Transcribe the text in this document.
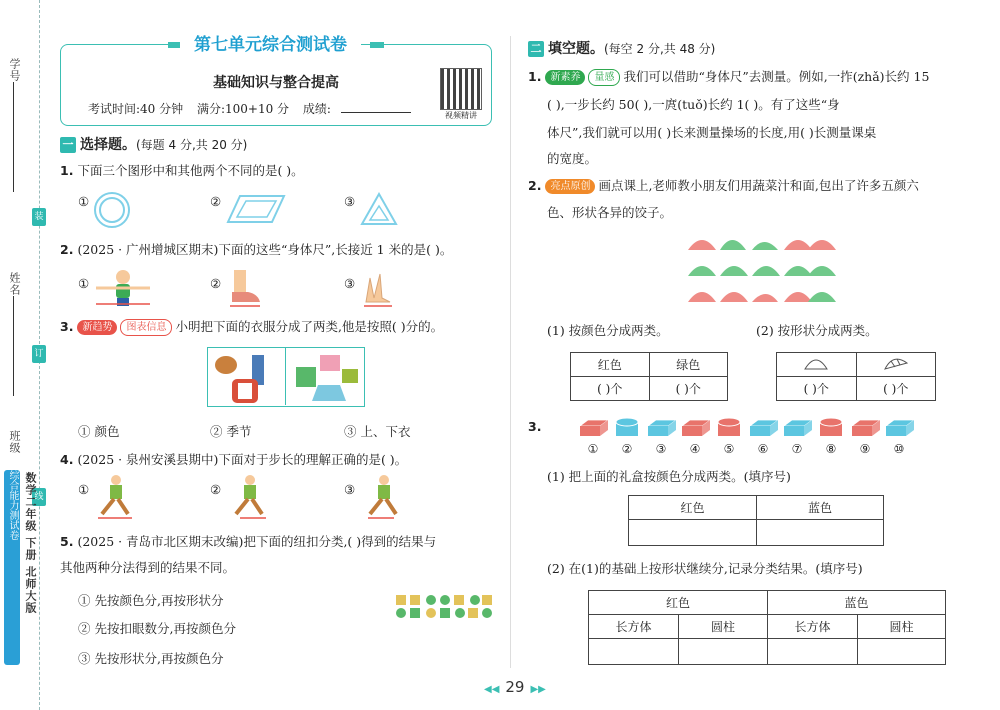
学号
姓名
班级
装
订
线
综合能力测试卷 数学二年级 下册 北师大版
第七单元综合测试卷
基础知识与整合提高
考试时间:40 分钟 满分:100+10 分 成绩:	视频精讲
一 选择题。(每题 4 分,共 20 分)
1. 下面三个图形中和其他两个不同的是( )。
①	②	③
2. (2025 · 广州增城区期末)下面的这些“身体尺”,长接近 1 米的是( )。
①	②	③
3. 新趋势 图表信息 小明把下面的衣服分成了两类,他是按照( )分的。
① 颜色	② 季节	③ 上、下衣
4. (2025 · 泉州安溪县期中)下面对于步长的理解正确的是( )。
①	②	③
5. (2025 · 青岛市北区期末改编)把下面的纽扣分类,( )得到的结果与
其他两种分法得到的结果不同。
① 先按颜色分,再按形状分
② 先按扣眼数分,再按颜色分
③ 先按形状分,再按颜色分
二 填空题。(每空 2 分,共 48 分)
1. 新素养 量感 我们可以借助“身体尺”去测量。例如,一拃(zhǎ)长约 15
( ),一步长约 50( ),一庹(tuǒ)长约 1( )。有了这些“身
体尺”,我们就可以用( )长来测量操场的长度,用( )长测量课桌
的宽度。
2. 亮点原创 画点课上,老师教小朋友们用蔬菜汁和面,包出了许多五颜六
色、形状各异的饺子。
(1) 按颜色分成两类。	(2) 按形状分成两类。
红色	绿色
( )个	( )个
		( )个	( )个
3.
① ② ③ ④ ⑤ ⑥ ⑦ ⑧ ⑨ ⑩
(1) 把上面的礼盒按颜色分成两类。(填序号)
红色	蓝色

(2) 在(1)的基础上按形状继续分,记录分类结果。(填序号)
红色		蓝色	
长方体	圆柱	长方体	圆柱

◀◀ 29 ▶▶
